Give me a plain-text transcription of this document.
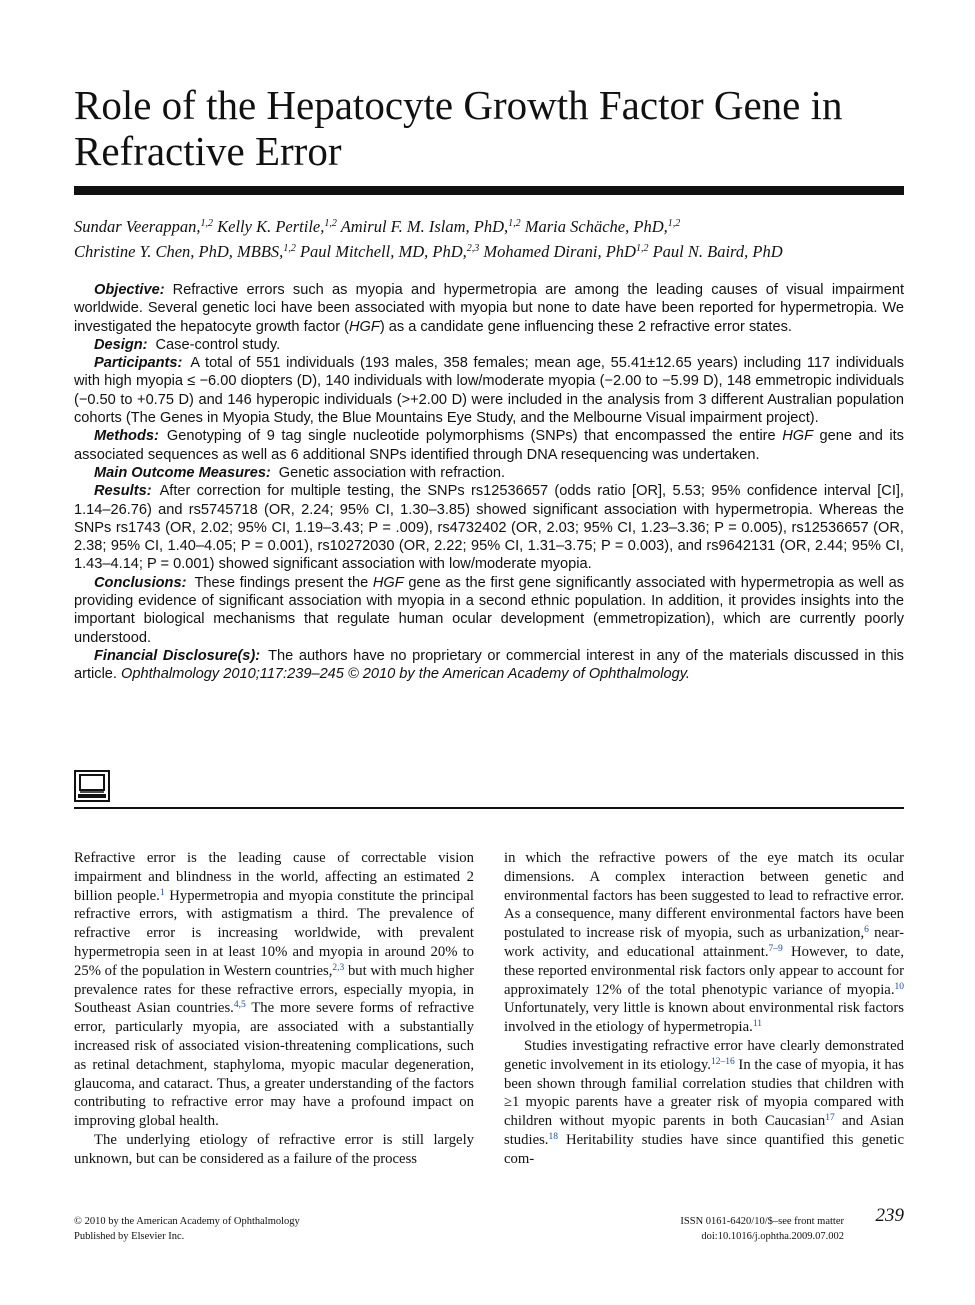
Role of the Hepatocyte Growth Factor Gene in Refractive Error
Sundar Veerappan,$^{1,2}$ Kelly K. Pertile,$^{1,2}$ Amirul F. M. Islam, PhD,$^{1,2}$ Maria Schäche, PhD,$^{1,2}$
Christine Y. Chen, PhD, MBBS,$^{1,2}$ Paul Mitchell, MD, PhD,$^{2,3}$ Mohamed Dirani, PhD$^{1,2}$ Paul N. Baird, PhD

Objective: Refractive errors such as myopia and hypermetropia are among the leading causes of visual impairment worldwide. Several genetic loci have been associated with myopia but none to date have been reported for hypermetropia. We investigated the hepatocyte growth factor (HGF) as a candidate gene influencing these 2 refractive error states.

Design: Case-control study.

Participants: A total of 551 individuals (193 males, 358 females; mean age, 55.41±12.65 years) including 117 individuals with high myopia ≤ −6.00 diopters (D), 140 individuals with low/moderate myopia (−2.00 to −5.99 D), 148 emmetropic individuals (−0.50 to +0.75 D) and 146 hyperopic individuals (>+2.00 D) were included in the analysis from 3 different Australian population cohorts (The Genes in Myopia Study, the Blue Mountains Eye Study, and the Melbourne Visual impairment project).

Methods: Genotyping of 9 tag single nucleotide polymorphisms (SNPs) that encompassed the entire HGF gene and its associated sequences as well as 6 additional SNPs identified through DNA resequencing was undertaken.

Main Outcome Measures: Genetic association with refraction.

Results: After correction for multiple testing, the SNPs rs12536657 (odds ratio [OR], 5.53; 95% confidence interval [CI], 1.14–26.76) and rs5745718 (OR, 2.24; 95% CI, 1.30–3.85) showed significant association with hypermetropia. Whereas the SNPs rs1743 (OR, 2.02; 95% CI, 1.19–3.43; P = .009), rs4732402 (OR, 2.03; 95% CI, 1.23–3.36; P = 0.005), rs12536657 (OR, 2.38; 95% CI, 1.40–4.05; P = 0.001), rs10272030 (OR, 2.22; 95% CI, 1.31–3.75; P = 0.003), and rs9642131 (OR, 2.44; 95% CI, 1.43–4.14; P = 0.001) showed significant association with low/moderate myopia.

Conclusions: These findings present the HGF gene as the first gene significantly associated with hypermetropia as well as providing evidence of significant association with myopia in a second ethnic population. In addition, it provides insights into the important biological mechanisms that regulate human ocular development (emmetropization), which are currently poorly understood.

Financial Disclosure(s): The authors have no proprietary or commercial interest in any of the materials discussed in this article. Ophthalmology 2010;117:239–245 © 2010 by the American Academy of Ophthalmology.

Refractive error is the leading cause of correctable vision impairment and blindness in the world, affecting an estimated 2 billion people.$^1$ Hypermetropia and myopia constitute the principal refractive errors, with astigmatism a third. The prevalence of refractive error is increasing worldwide, with prevalent hypermetropia seen in at least 10% and myopia in around 20% to 25% of the population in Western countries,$^{2,3}$ but with much higher prevalence rates for these refractive errors, especially myopia, in Southeast Asian countries.$^{4,5}$ The more severe forms of refractive error, particularly myopia, are associated with a substantially increased risk of associated vision-threatening complications, such as retinal detachment, staphyloma, myopic macular degeneration, glaucoma, and cataract. Thus, a greater understanding of the factors contributing to refractive error may have a profound impact on improving global health.

The underlying etiology of refractive error is still largely unknown, but can be considered as a failure of the process

in which the refractive powers of the eye match its ocular dimensions. A complex interaction between genetic and environmental factors has been suggested to lead to refractive error. As a consequence, many different environmental factors have been postulated to increase risk of myopia, such as urbanization,$^6$ near-work activity, and educational attainment.$^{7-9}$ However, to date, these reported environmental risk factors only appear to account for approximately 12% of the total phenotypic variance of myopia.$^{10}$ Unfortunately, very little is known about environmental risk factors involved in the etiology of hypermetropia.$^{11}$

Studies investigating refractive error have clearly demonstrated genetic involvement in its etiology.$^{12-16}$ In the case of myopia, it has been shown through familial correlation studies that children with ≥1 myopic parents have a greater risk of myopia compared with children without myopic parents in both Caucasian$^{17}$ and Asian studies.$^{18}$ Heritability studies have since quantified this genetic com-

© 2010 by the American Academy of Ophthalmology
Published by Elsevier Inc.
ISSN 0161-6420/10/$–see front matter
doi:10.1016/j.ophtha.2009.07.002
239
